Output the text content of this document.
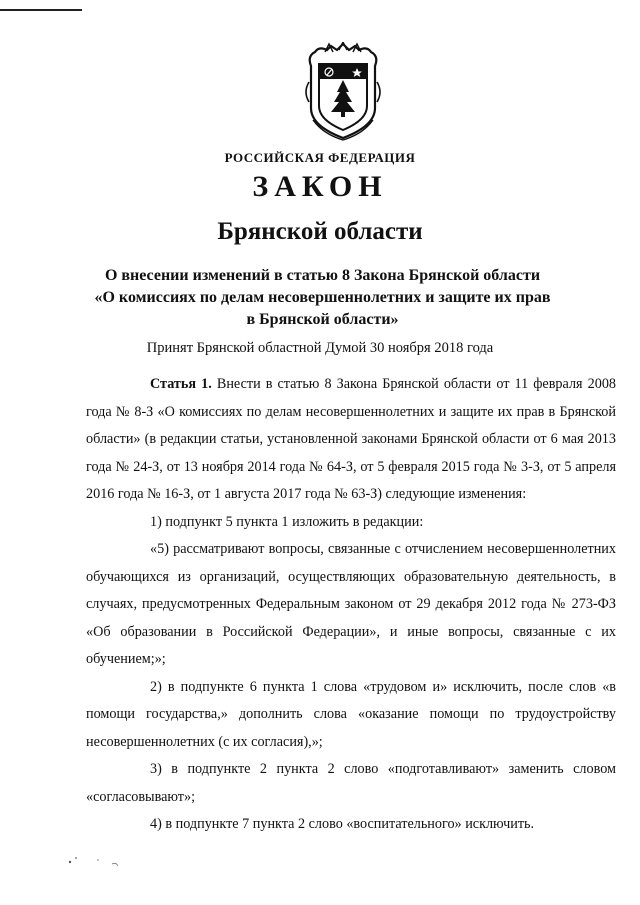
РОССИЙСКАЯ ФЕДЕРАЦИЯ
ЗАКОН
Брянской области
О внесении изменений в статью 8 Закона Брянской области
«О комиссиях по делам несовершеннолетних и защите их прав
в Брянской области»
Принят Брянской областной Думой 30 ноября 2018 года

Статья 1. Внести в статью 8 Закона Брянской области от 11 февраля 2008 года № 8-З «О комиссиях по делам несовершеннолетних и защите их прав в Брянской области» (в редакции статьи, установленной законами Брянской области от 6 мая 2013 года № 24-З, от 13 ноября 2014 года № 64-З, от 5 февраля 2015 года № 3-З, от 5 апреля 2016 года № 16-З, от 1 августа 2017 года № 63-З) следующие изменения:

1) подпункт 5 пункта 1 изложить в редакции:

«5) рассматривают вопросы, связанные с отчислением несовершеннолетних обучающихся из организаций, осуществляющих образовательную деятельность, в случаях, предусмотренных Федеральным законом от 29 декабря 2012 года № 273-ФЗ «Об образовании в Российской Федерации», и иные вопросы, связанные с их обучением;»;

2) в подпункте 6 пункта 1 слова «трудовом и» исключить, после слов «в помощи государства,» дополнить слова «оказание помощи по трудоустройству несовершеннолетних (с их согласия),»;

3) в подпункте 2 пункта 2 слово «подготавливают» заменить словом «согласовывают»;

4) в подпункте 7 пункта 2 слово «воспитательного» исключить.
